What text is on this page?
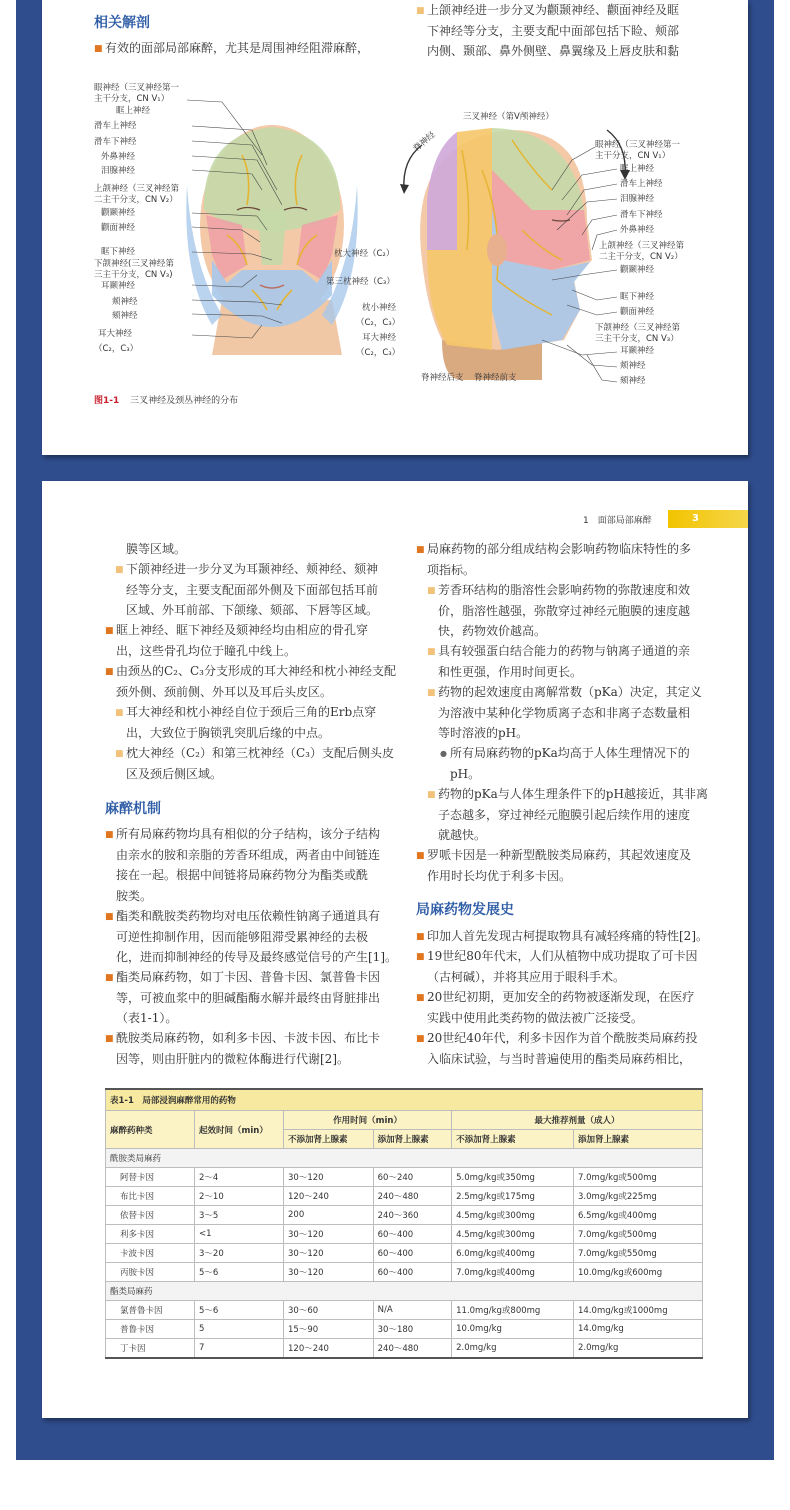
相关解剖
■ 有效的面部局部麻醉，尤其是周围神经阻滞麻醉，
■ 上颌神经进一步分叉为颧颞神经、颧面神经及眶
下神经等分支，主要支配中面部包括下睑、颊部
内侧、颞部、鼻外侧壁、鼻翼缘及上唇皮肤和黏
眼神经（三叉神经第一
主干分支，CN V₁）
眶上神经
滑车上神经
滑车下神经
外鼻神经
泪腺神经
上颌神经（三叉神经第
二主干分支，CN V₂）
颧颞神经
颧面神经
眶下神经
下颌神经(三叉神经第
三主干分支，CN V₃)
耳颞神经
颊神经
颏神经
耳大神经
（C₂，C₃）
三叉神经（第Ⅴ颅神经）
脊神经
枕大神经（C₂）
第三枕神经（C₃）
枕小神经
（C₂，C₃）
耳大神经
（C₂，C₃）
脊神经后支 脊神经前支
眼神经（三叉神经第一
主干分支，CN V₁）
眶上神经
滑车上神经
泪腺神经
滑车下神经
外鼻神经
上颌神经（三叉神经第
二主干分支，CN V₂）
颧颞神经
眶下神经
颧面神经
下颌神经（三叉神经第
三主干分支，CN V₃）
耳颞神经
颊神经
颏神经
图1-1 三叉神经及颈丛神经的分布
1　面部局部麻醉	3
膜等区域。
■ 下颌神经进一步分叉为耳颞神经、颊神经、颏神
经等分支，主要支配面部外侧及下面部包括耳前
区域、外耳前部、下颌缘、颏部、下唇等区域。
■ 眶上神经、眶下神经及颏神经均由相应的骨孔穿
出，这些骨孔均位于瞳孔中线上。
■ 由颈丛的C₂、C₃分支形成的耳大神经和枕小神经支配
颈外侧、颈前侧、外耳以及耳后头皮区。
■ 耳大神经和枕小神经自位于颈后三角的Erb点穿
出，大致位于胸锁乳突肌后缘的中点。
■ 枕大神经（C₂）和第三枕神经（C₃）支配后侧头皮
区及颈后侧区域。
麻醉机制
■ 所有局麻药物均具有相似的分子结构，该分子结构
由亲水的胺和亲脂的芳香环组成，两者由中间链连
接在一起。根据中间链将局麻药物分为酯类或酰
胺类。
■ 酯类和酰胺类药物均对电压依赖性钠离子通道具有
可逆性抑制作用，因而能够阻滞受累神经的去极
化，进而抑制神经的传导及最终感觉信号的产生[1]。
■ 酯类局麻药物，如丁卡因、普鲁卡因、氯普鲁卡因
等，可被血浆中的胆碱酯酶水解并最终由肾脏排出
（表1-1）。
■ 酰胺类局麻药物，如利多卡因、卡波卡因、布比卡
因等，则由肝脏内的微粒体酶进行代谢[2]。
■ 局麻药物的部分组成结构会影响药物临床特性的多
项指标。
■ 芳香环结构的脂溶性会影响药物的弥散速度和效
价，脂溶性越强，弥散穿过神经元胞膜的速度越
快，药物效价越高。
■ 具有较强蛋白结合能力的药物与钠离子通道的亲
和性更强，作用时间更长。
■ 药物的起效速度由离解常数（pKa）决定，其定义
为溶液中某种化学物质离子态和非离子态数量相
等时溶液的pH。
● 所有局麻药物的pKa均高于人体生理情况下的
pH。
■ 药物的pKa与人体生理条件下的pH越接近，其非离
子态越多，穿过神经元胞膜引起后续作用的速度
就越快。
■ 罗哌卡因是一种新型酰胺类局麻药，其起效速度及
作用时长均优于利多卡因。
局麻药物发展史
■ 印加人首先发现古柯提取物具有减轻疼痛的特性[2]。
■ 19世纪80年代末，人们从植物中成功提取了可卡因
（古柯碱），并将其应用于眼科手术。
■ 20世纪初期，更加安全的药物被逐渐发现，在医疗
实践中使用此类药物的做法被广泛接受。
■ 20世纪40年代，利多卡因作为首个酰胺类局麻药投
入临床试验，与当时普遍使用的酯类局麻药相比，
表1-1　局部浸润麻醉常用的药物					
麻醉药种类	起效时间（min）	作用时间（min）		最大推荐剂量（成人）	
		不添加肾上腺素	添加肾上腺素	不添加肾上腺素	添加肾上腺素
酰胺类局麻药					
阿替卡因	2～4	30～120	60～240	5.0mg/kg或350mg	7.0mg/kg或500mg
布比卡因	2～10	120～240	240～480	2.5mg/kg或175mg	3.0mg/kg或225mg
依替卡因	3～5	200	240～360	4.5mg/kg或300mg	6.5mg/kg或400mg
利多卡因	<1	30～120	60～400	4.5mg/kg或300mg	7.0mg/kg或500mg
卡波卡因	3～20	30～120	60～400	6.0mg/kg或400mg	7.0mg/kg或550mg
丙胺卡因	5～6	30～120	60～400	7.0mg/kg或400mg	10.0mg/kg或600mg
酯类局麻药					
氯普鲁卡因	5～6	30～60	N/A	11.0mg/kg或800mg	14.0mg/kg或1000mg
普鲁卡因	5	15～90	30～180	10.0mg/kg	14.0mg/kg
丁卡因	7	120～240	240～480	2.0mg/kg	2.0mg/kg
